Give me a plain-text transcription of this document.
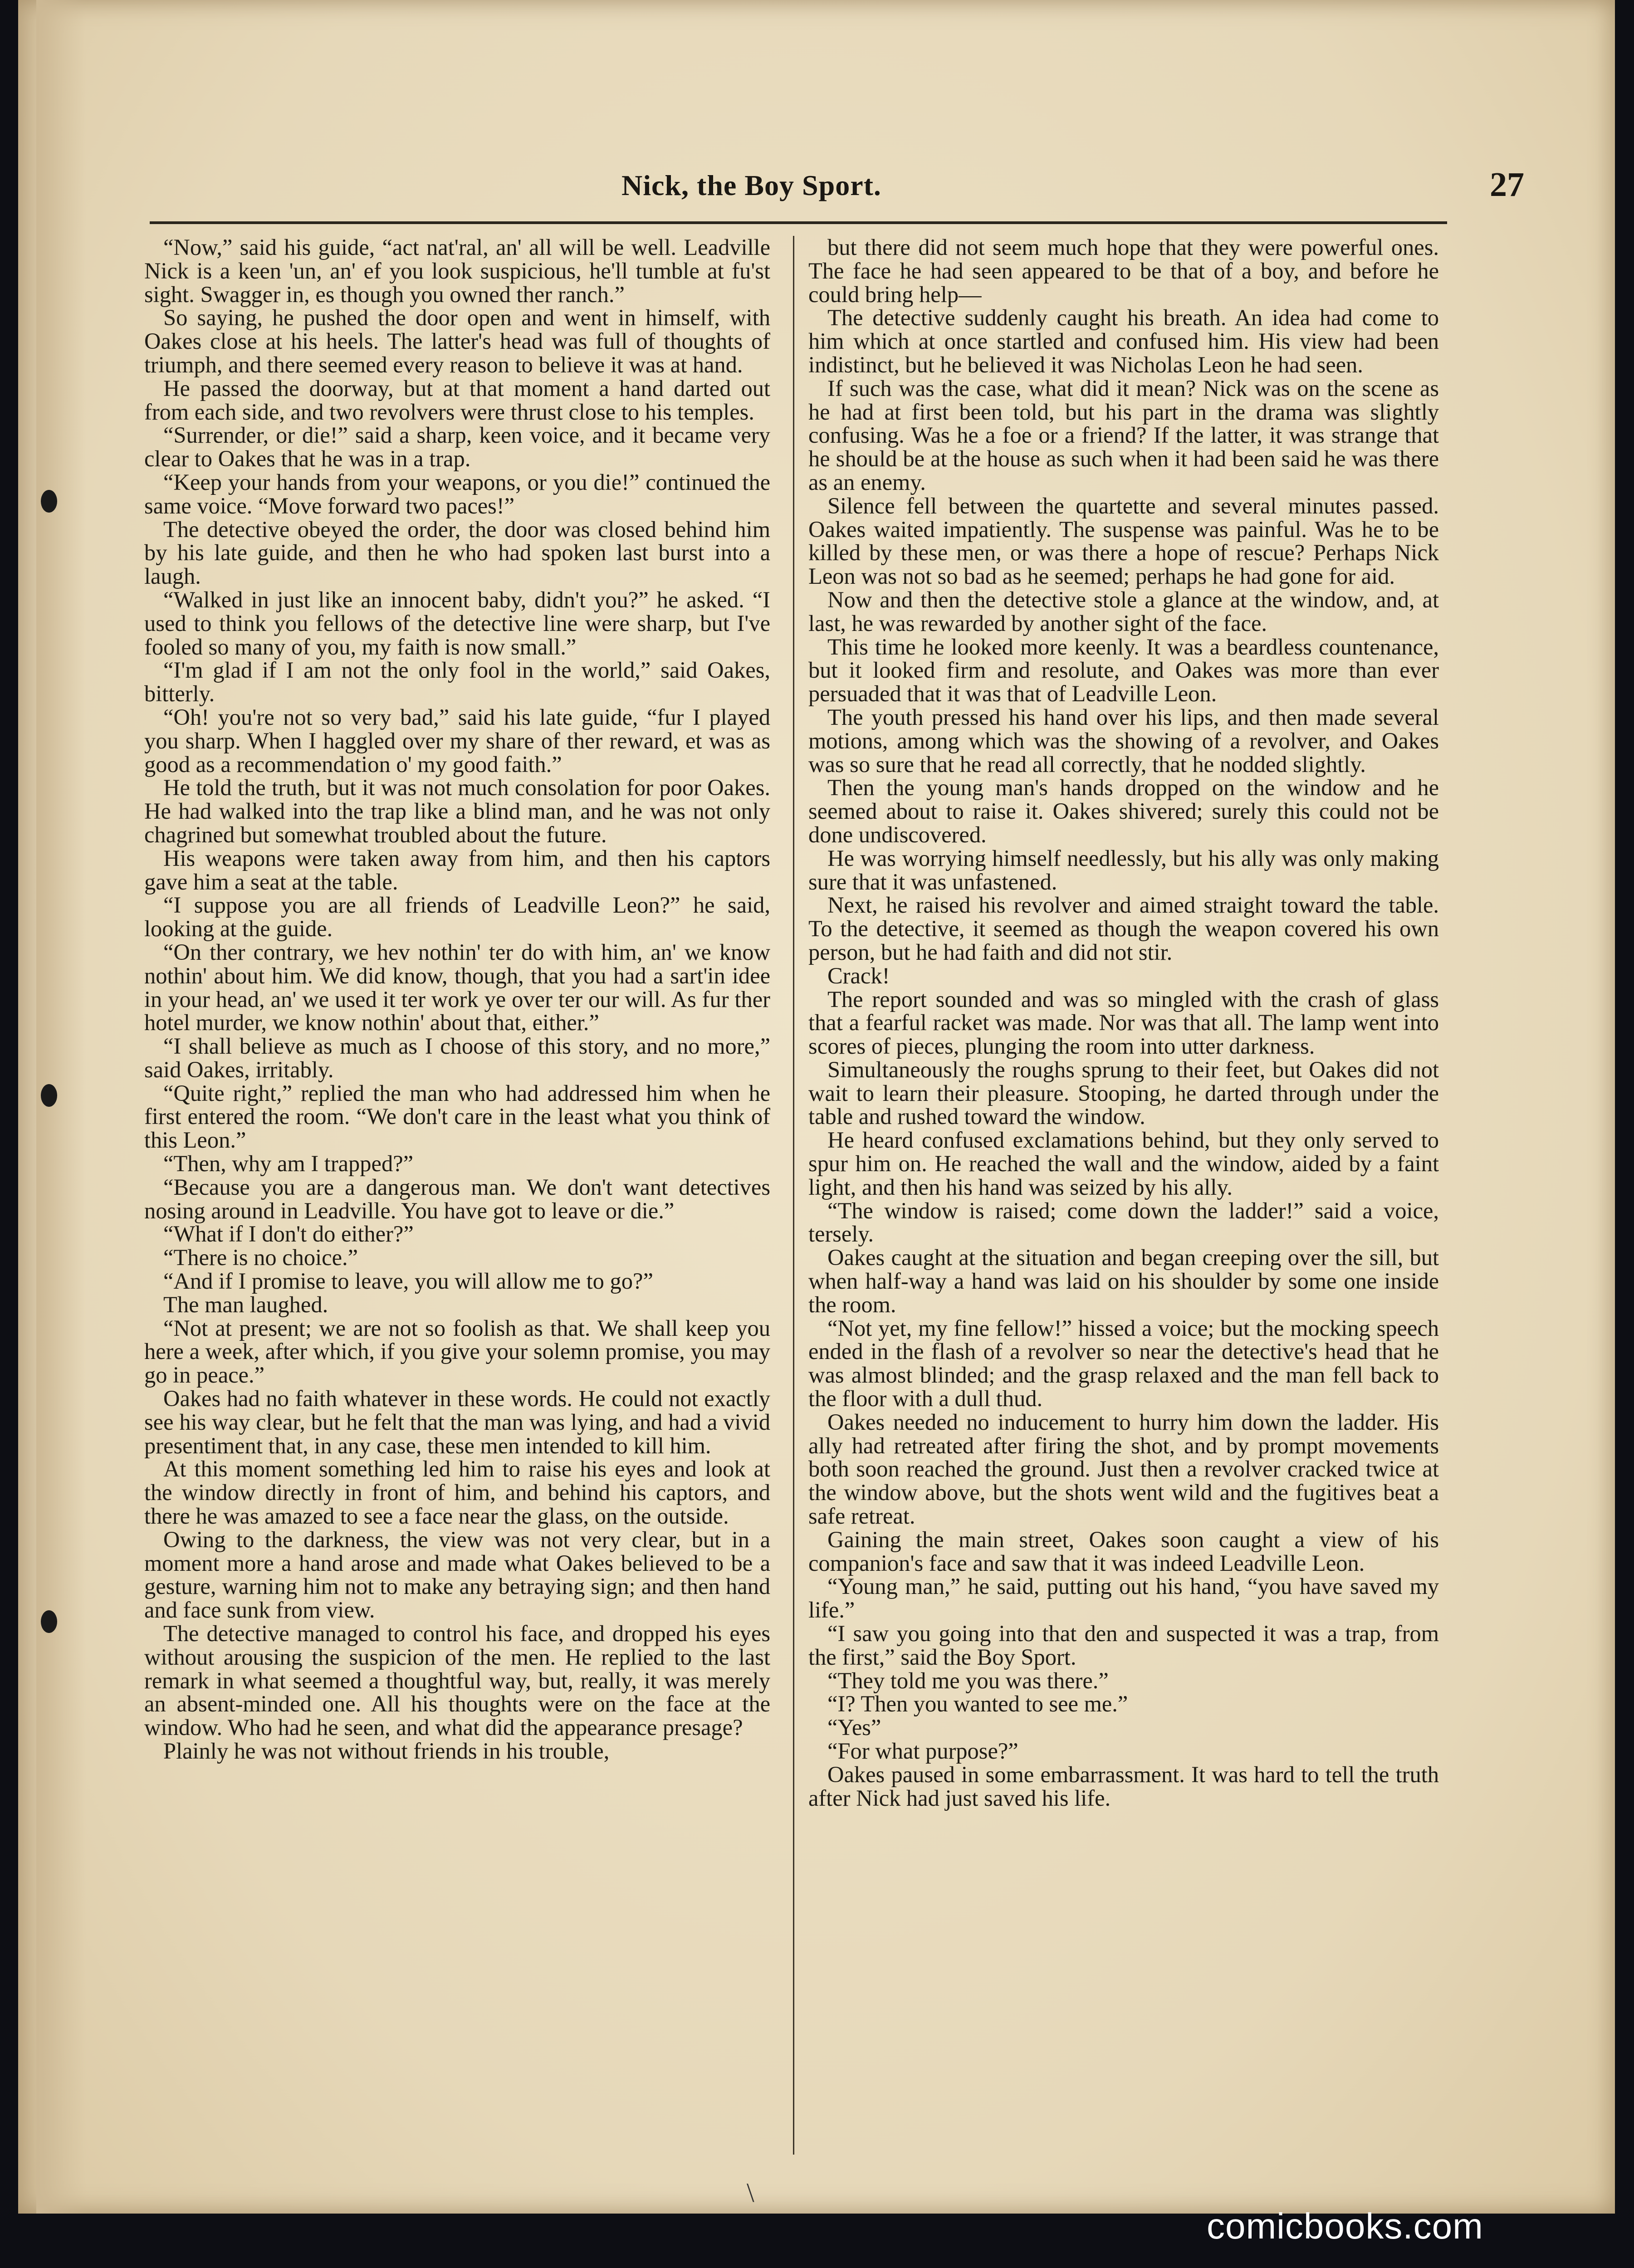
Nick, the Boy Sport.	27

“Now,” said his guide, “act nat'ral, an' all will be well. Leadville Nick is a keen 'un, an' ef you look suspicious, he'll tumble at fu'st sight. Swagger in, es though you owned ther ranch.”

So saying, he pushed the door open and went in himself, with Oakes close at his heels. The latter's head was full of thoughts of triumph, and there seemed every reason to believe it was at hand.

He passed the doorway, but at that moment a hand darted out from each side, and two revolvers were thrust close to his temples.

“Surrender, or die!” said a sharp, keen voice, and it became very clear to Oakes that he was in a trap.

“Keep your hands from your weapons, or you die!” continued the same voice. “Move forward two paces!”

The detective obeyed the order, the door was closed behind him by his late guide, and then he who had spoken last burst into a laugh.

“Walked in just like an innocent baby, didn't you?” he asked. “I used to think you fellows of the detective line were sharp, but I've fooled so many of you, my faith is now small.”

“I'm glad if I am not the only fool in the world,” said Oakes, bitterly.

“Oh! you're not so very bad,” said his late guide, “fur I played you sharp. When I haggled over my share of ther reward, et was as good as a recommendation o' my good faith.”

He told the truth, but it was not much consolation for poor Oakes. He had walked into the trap like a blind man, and he was not only chagrined but somewhat troubled about the future.

His weapons were taken away from him, and then his captors gave him a seat at the table.

“I suppose you are all friends of Leadville Leon?” he said, looking at the guide.

“On ther contrary, we hev nothin' ter do with him, an' we know nothin' about him. We did know, though, that you had a sart'in idee in your head, an' we used it ter work ye over ter our will. As fur ther hotel murder, we know nothin' about that, either.”

“I shall believe as much as I choose of this story, and no more,” said Oakes, irritably.

“Quite right,” replied the man who had addressed him when he first entered the room. “We don't care in the least what you think of this Leon.”

“Then, why am I trapped?”

“Because you are a dangerous man. We don't want detectives nosing around in Leadville. You have got to leave or die.”

“What if I don't do either?”

“There is no choice.”

“And if I promise to leave, you will allow me to go?”

The man laughed.

“Not at present; we are not so foolish as that. We shall keep you here a week, after which, if you give your solemn promise, you may go in peace.”

Oakes had no faith whatever in these words. He could not exactly see his way clear, but he felt that the man was lying, and had a vivid presentiment that, in any case, these men intended to kill him.

At this moment something led him to raise his eyes and look at the window directly in front of him, and behind his captors, and there he was amazed to see a face near the glass, on the outside.

Owing to the darkness, the view was not very clear, but in a moment more a hand arose and made what Oakes believed to be a gesture, warning him not to make any betraying sign; and then hand and face sunk from view.

The detective managed to control his face, and dropped his eyes without arousing the suspicion of the men. He replied to the last remark in what seemed a thoughtful way, but, really, it was merely an absent-minded one. All his thoughts were on the face at the window. Who had he seen, and what did the appearance presage?

Plainly he was not without friends in his trouble,

but there did not seem much hope that they were powerful ones. The face he had seen appeared to be that of a boy, and before he could bring help—

The detective suddenly caught his breath. An idea had come to him which at once startled and confused him. His view had been indistinct, but he believed it was Nicholas Leon he had seen.

If such was the case, what did it mean? Nick was on the scene as he had at first been told, but his part in the drama was slightly confusing. Was he a foe or a friend? If the latter, it was strange that he should be at the house as such when it had been said he was there as an enemy.

Silence fell between the quartette and several minutes passed. Oakes waited impatiently. The suspense was painful. Was he to be killed by these men, or was there a hope of rescue? Perhaps Nick Leon was not so bad as he seemed; perhaps he had gone for aid.

Now and then the detective stole a glance at the window, and, at last, he was rewarded by another sight of the face.

This time he looked more keenly. It was a beardless countenance, but it looked firm and resolute, and Oakes was more than ever persuaded that it was that of Leadville Leon.

The youth pressed his hand over his lips, and then made several motions, among which was the showing of a revolver, and Oakes was so sure that he read all correctly, that he nodded slightly.

Then the young man's hands dropped on the window and he seemed about to raise it. Oakes shivered; surely this could not be done undiscovered.

He was worrying himself needlessly, but his ally was only making sure that it was unfastened.

Next, he raised his revolver and aimed straight toward the table. To the detective, it seemed as though the weapon covered his own person, but he had faith and did not stir.

Crack!

The report sounded and was so mingled with the crash of glass that a fearful racket was made. Nor was that all. The lamp went into scores of pieces, plunging the room into utter darkness.

Simultaneously the roughs sprung to their feet, but Oakes did not wait to learn their pleasure. Stooping, he darted through under the table and rushed toward the window.

He heard confused exclamations behind, but they only served to spur him on. He reached the wall and the window, aided by a faint light, and then his hand was seized by his ally.

“The window is raised; come down the ladder!” said a voice, tersely.

Oakes caught at the situation and began creeping over the sill, but when half-way a hand was laid on his shoulder by some one inside the room.

“Not yet, my fine fellow!” hissed a voice; but the mocking speech ended in the flash of a revolver so near the detective's head that he was almost blinded; and the grasp relaxed and the man fell back to the floor with a dull thud.

Oakes needed no inducement to hurry him down the ladder. His ally had retreated after firing the shot, and by prompt movements both soon reached the ground. Just then a revolver cracked twice at the window above, but the shots went wild and the fugitives beat a safe retreat.

Gaining the main street, Oakes soon caught a view of his companion's face and saw that it was indeed Leadville Leon.

“Young man,” he said, putting out his hand, “you have saved my life.”

“I saw you going into that den and suspected it was a trap, from the first,” said the Boy Sport.

“They told me you was there.”

“I? Then you wanted to see me.”

“Yes”

“For what purpose?”

Oakes paused in some embarrassment. It was hard to tell the truth after Nick had just saved his life.

\
comicbooks.com
